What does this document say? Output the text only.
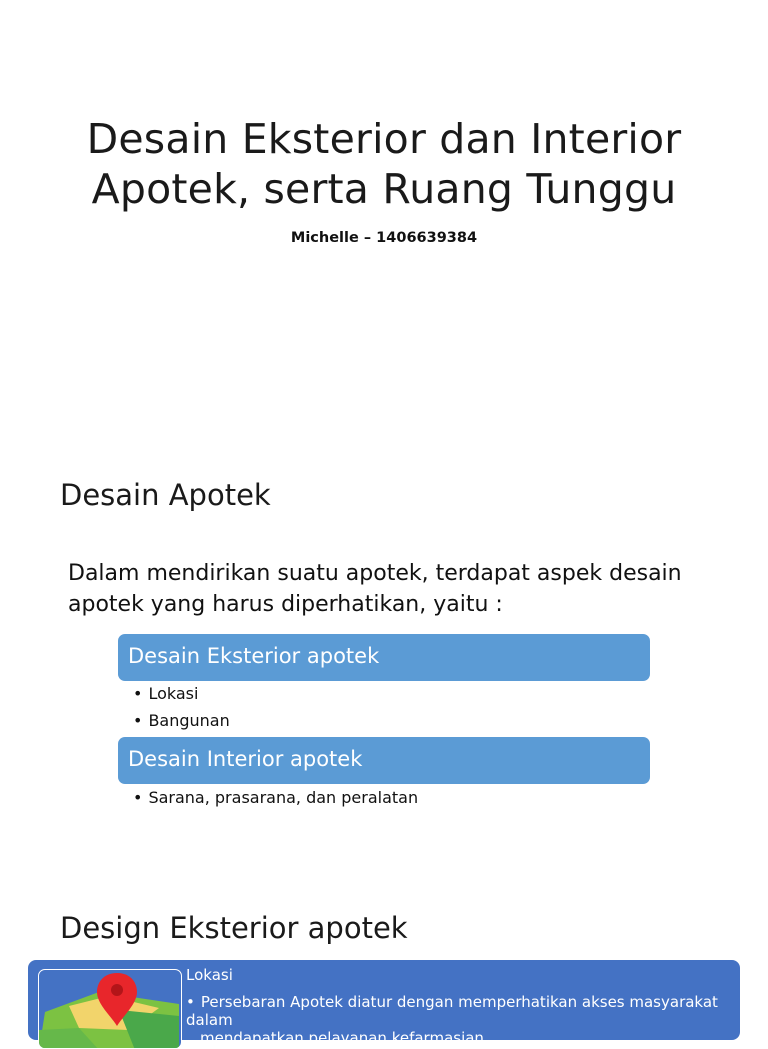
Desain Eksterior dan Interior
Apotek, serta Ruang Tunggu
Michelle – 1406639384
Desain Apotek
Dalam mendirikan suatu apotek, terdapat aspek desain
apotek yang harus diperhatikan, yaitu :
Desain Eksterior apotek
• Lokasi
• Bangunan
Desain Interior apotek
• Sarana, prasarana, dan peralatan
Design Eksterior apotek
Lokasi
• Persebaran Apotek diatur dengan memperhatikan akses masyarakat dalam
mendapatkan pelayanan kefarmasian
